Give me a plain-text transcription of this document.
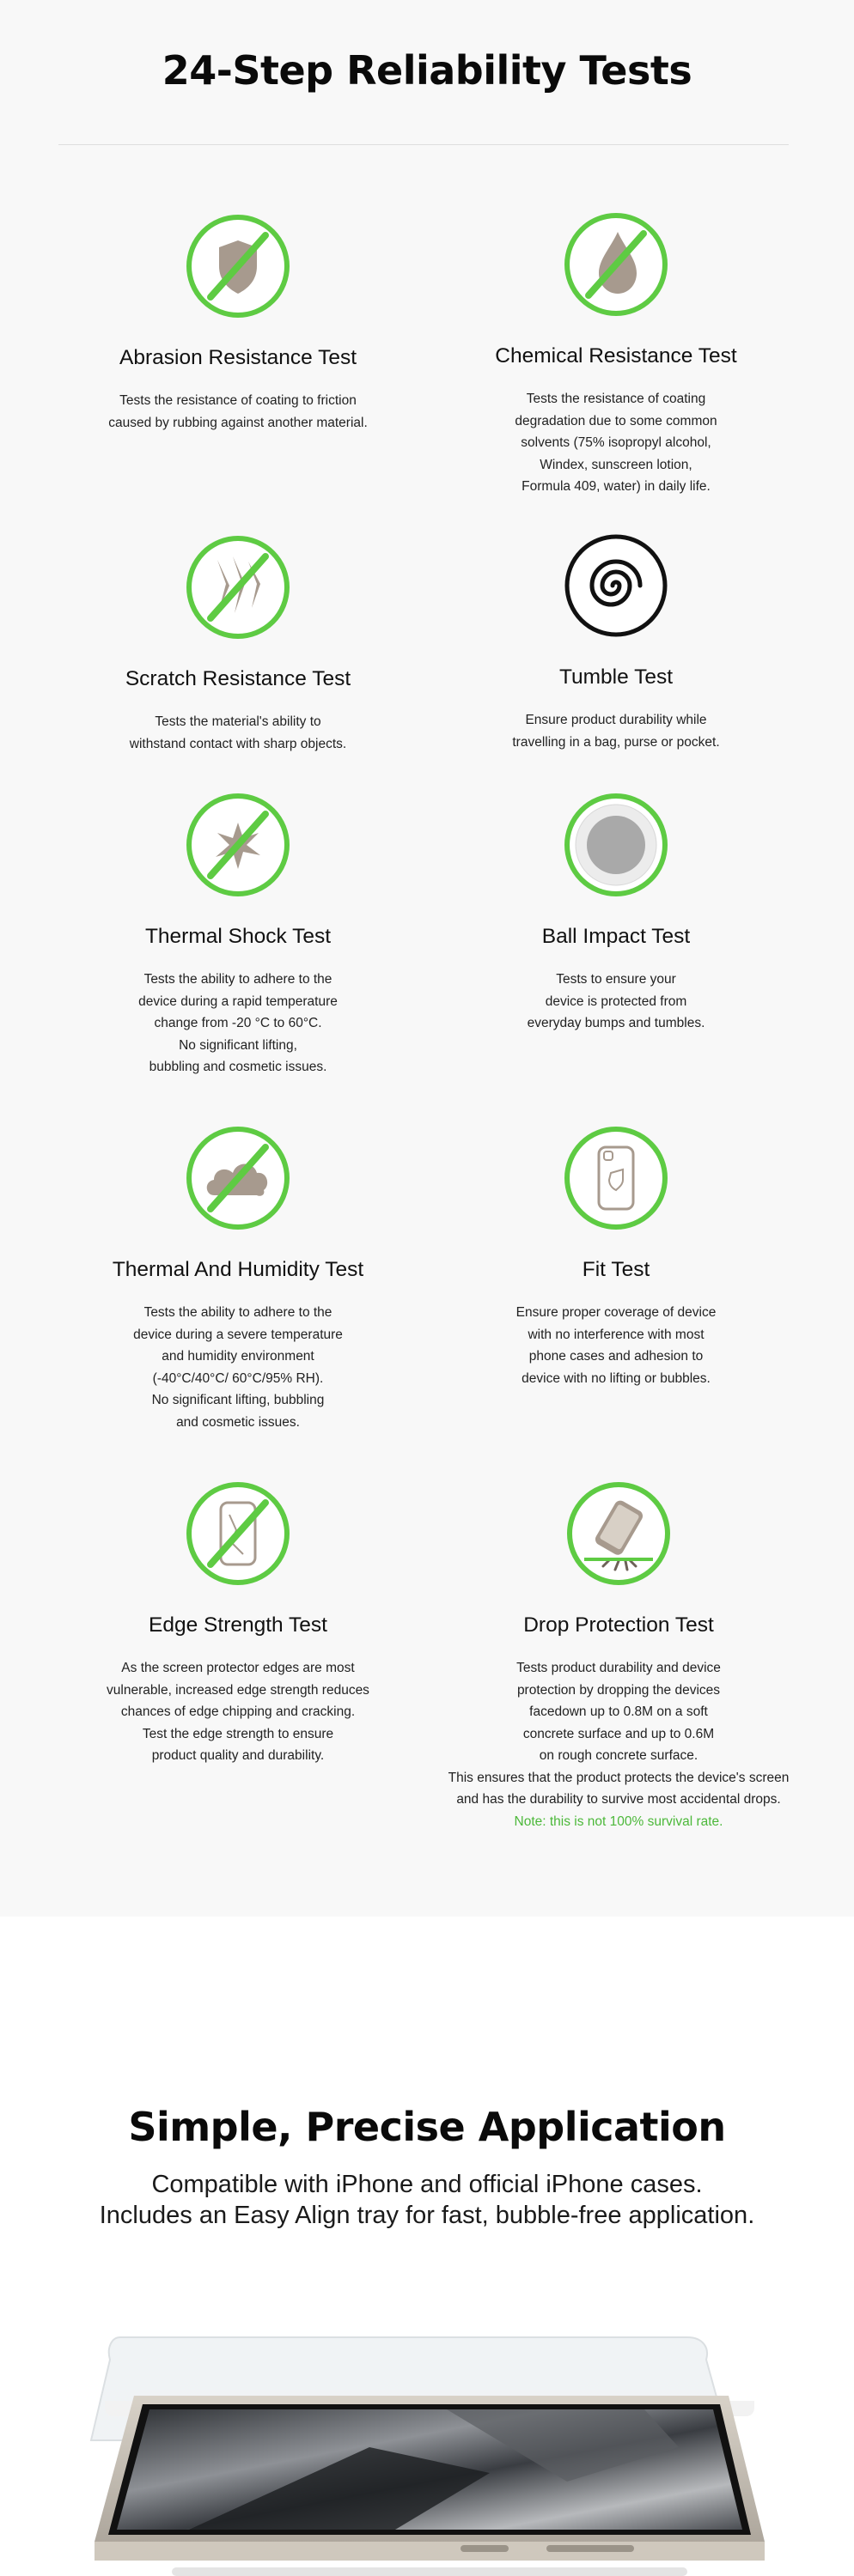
24-Step Reliability Tests
Abrasion Resistance Test
Tests the resistance of coating to friction
caused by rubbing against another material.
Chemical Resistance Test
Tests the resistance of coating
degradation due to some common
solvents (75% isopropyl alcohol,
Windex, sunscreen lotion,
Formula 409, water) in daily life.
Scratch Resistance Test
Tests the material's ability to
withstand contact with sharp objects.
Tumble Test
Ensure product durability while
travelling in a bag, purse or pocket.
Thermal Shock Test
Tests the ability to adhere to the
device during a rapid temperature
change from -20 °C to 60°C.
No significant lifting,
bubbling and cosmetic issues.
Ball Impact Test
Tests to ensure your
device is protected from
everyday bumps and tumbles.
Thermal And Humidity Test
Tests the ability to adhere to the
device during a severe temperature
and humidity environment
(-40°C/40°C/ 60°C/95% RH).
No significant lifting, bubbling
and cosmetic issues.
Fit Test
Ensure proper coverage of device
with no interference with most
phone cases and adhesion to
device with no lifting or bubbles.
Edge Strength Test
As the screen protector edges are most
vulnerable, increased edge strength reduces
chances of edge chipping and cracking.
Test the edge strength to ensure
product quality and durability.
Drop Protection Test
Tests product durability and device
protection by dropping the devices
facedown up to 0.8M on a soft
concrete surface and up to 0.6M
on rough concrete surface.
This ensures that the product protects the device's screen
and has the durability to survive most accidental drops.
Note: this is not 100% survival rate.
Simple, Precise Application
Compatible with iPhone and official iPhone cases.
Includes an Easy Align tray for fast, bubble-free application.
